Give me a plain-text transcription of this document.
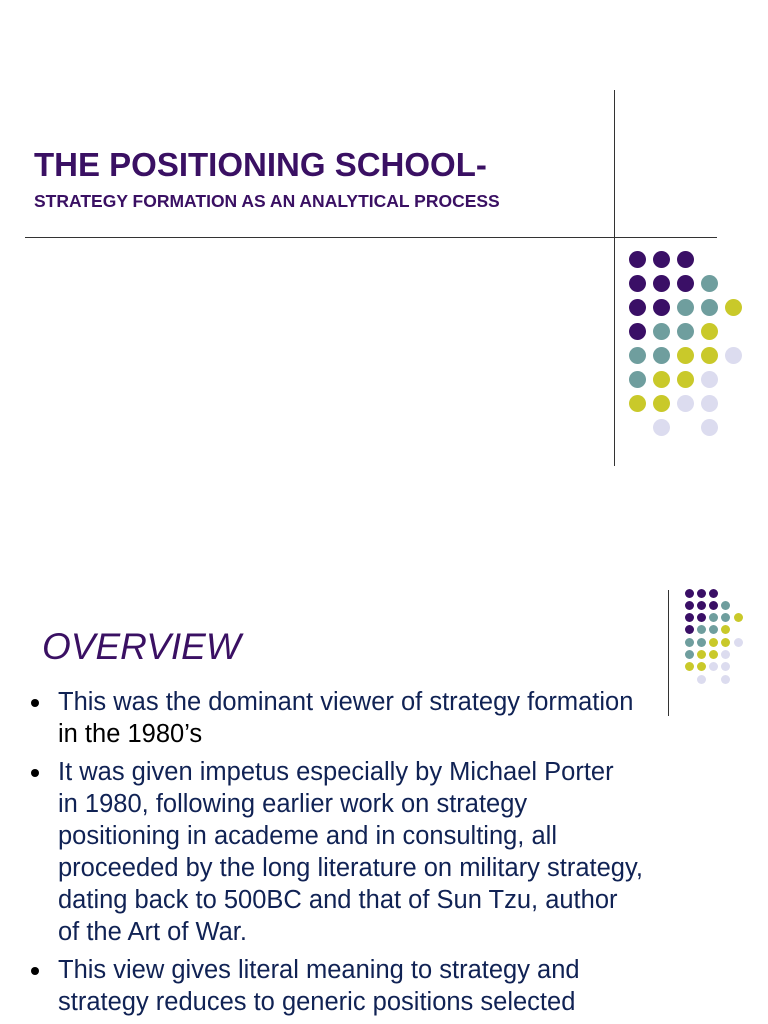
THE POSITIONING SCHOOL-
STRATEGY FORMATION AS AN ANALYTICAL PROCESS
OVERVIEW
This was the dominant viewer of strategy formation
in the 1980’s
It was given impetus especially by Michael Porter
in 1980, following earlier work on strategy
positioning in academe and in consulting, all
proceeded by the long literature on military strategy,
dating back to 500BC and that of Sun Tzu, author
of the Art of War.
This view gives literal meaning to strategy and
strategy reduces to generic positions selected
